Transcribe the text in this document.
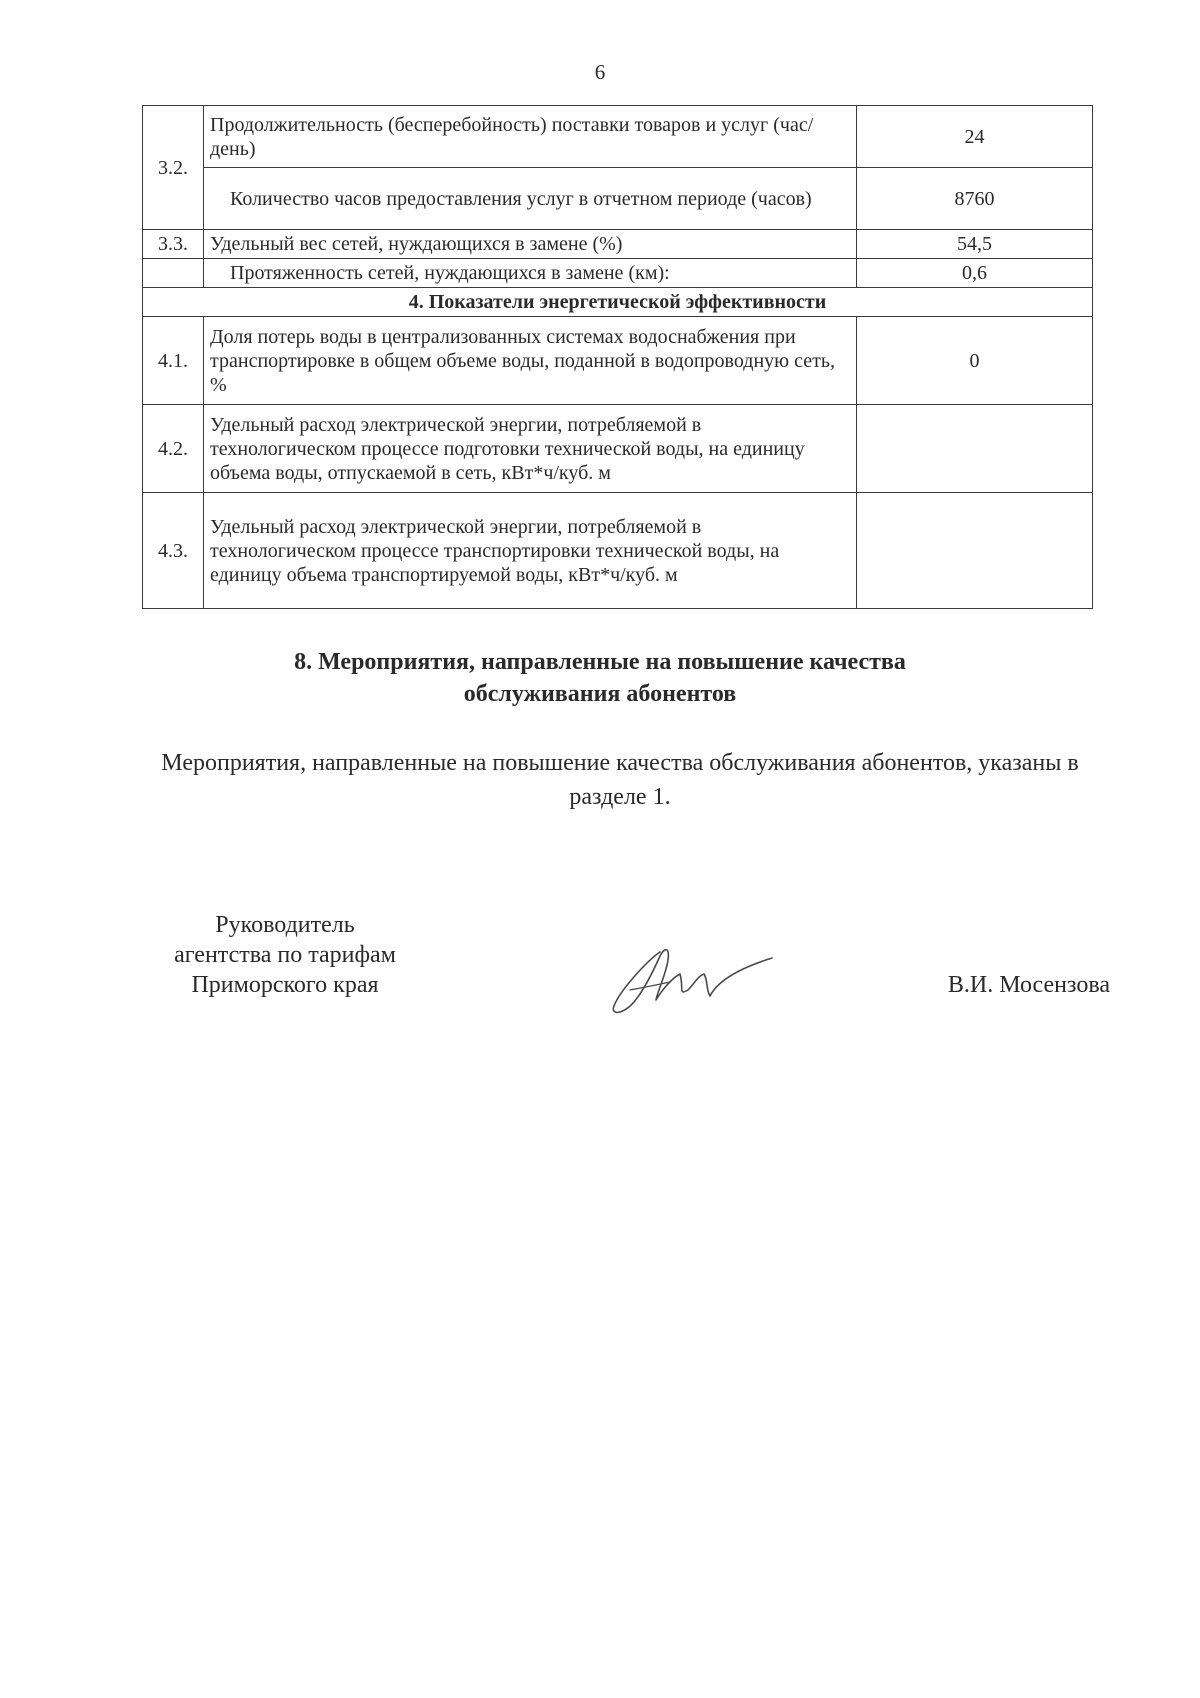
6
3.2.	Продолжительность (бесперебойность) поставки товаров и услуг (час/день)	24
	Количество часов предоставления услуг в отчетном периоде (часов)	8760
3.3.	Удельный вес сетей, нуждающихся в замене (%)	54,5
	Протяженность сетей, нуждающихся в замене (км):	0,6
4. Показатели энергетической эффективности		
4.1.	Доля потерь воды в централизованных системах водоснабжения при транспортировке в общем объеме воды, поданной в водопроводную сеть, %	0
4.2.	Удельный расход электрической энергии, потребляемой в технологическом процессе подготовки технической воды, на единицу объема воды, отпускаемой в сеть, кВт*ч/куб. м	
4.3.	Удельный расход электрической энергии, потребляемой в технологическом процессе транспортировки технической воды, на единицу объема транспортируемой воды, кВт*ч/куб. м	
8. Мероприятия, направленные на повышение качества
обслуживания абонентов
Мероприятия, направленные на повышение качества обслуживания абонентов, указаны в разделе 1.
Руководитель
агентства по тарифам
Приморского края	В.И. Мосензова
